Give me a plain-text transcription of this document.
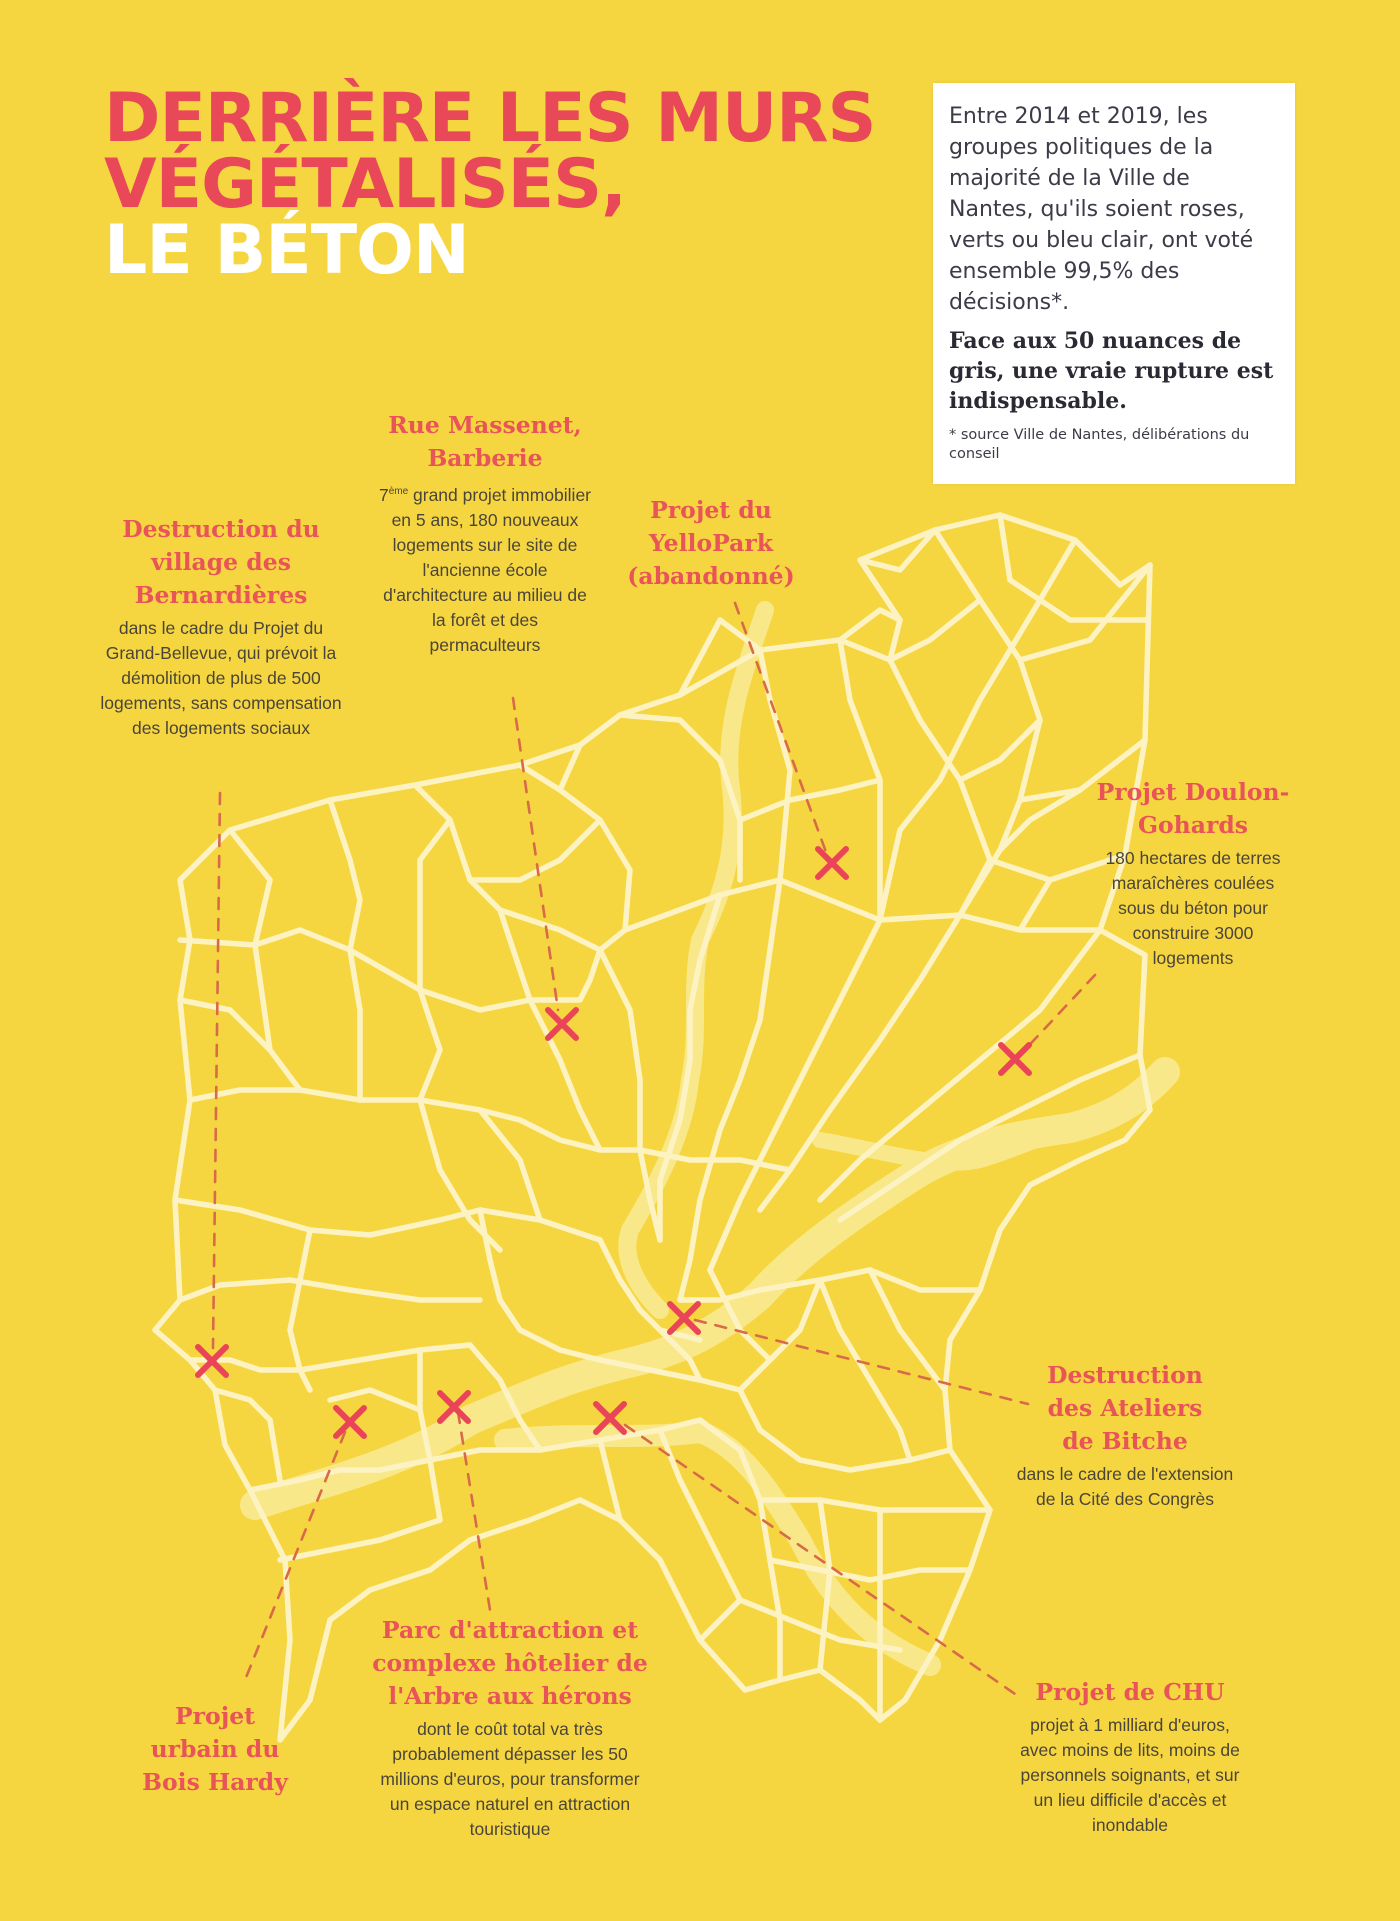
DERRIÈRE LES MURS
VÉGÉTALISÉS,
LE BÉTON

Entre 2014 et 2019, les groupes politiques de la majorité de la Ville de Nantes, qu'ils soient roses, verts ou bleu clair, ont voté ensemble 99,5% des décisions*.

Face aux 50 nuances de gris, une vraie rupture est indispensable.

* source Ville de Nantes, délibérations du conseil

Destruction du village des Bernardières

dans le cadre du Projet du Grand-Bellevue, qui prévoit la démolition de plus de 500 logements, sans compensation des logements sociaux

Rue Massenet, Barberie

7ème grand projet immobilier en 5 ans, 180 nouveaux logements sur le site de l'ancienne école d'architecture au milieu de la forêt et des permaculteurs

Projet du YelloPark (abandonné)
Projet Doulon-Gohards

180 hectares de terres maraîchères coulées sous du béton pour construire 3000 logements

Destruction des Ateliers de Bitche

dans le cadre de l'extension de la Cité des Congrès

Projet de CHU

projet à 1 milliard d'euros, avec moins de lits, moins de personnels soignants, et sur un lieu difficile d'accès et inondable

Parc d'attraction et complexe hôtelier de l'Arbre aux hérons

dont le coût total va très probablement dépasser les 50 millions d'euros, pour transformer un espace naturel en attraction touristique

Projet urbain du Bois Hardy
